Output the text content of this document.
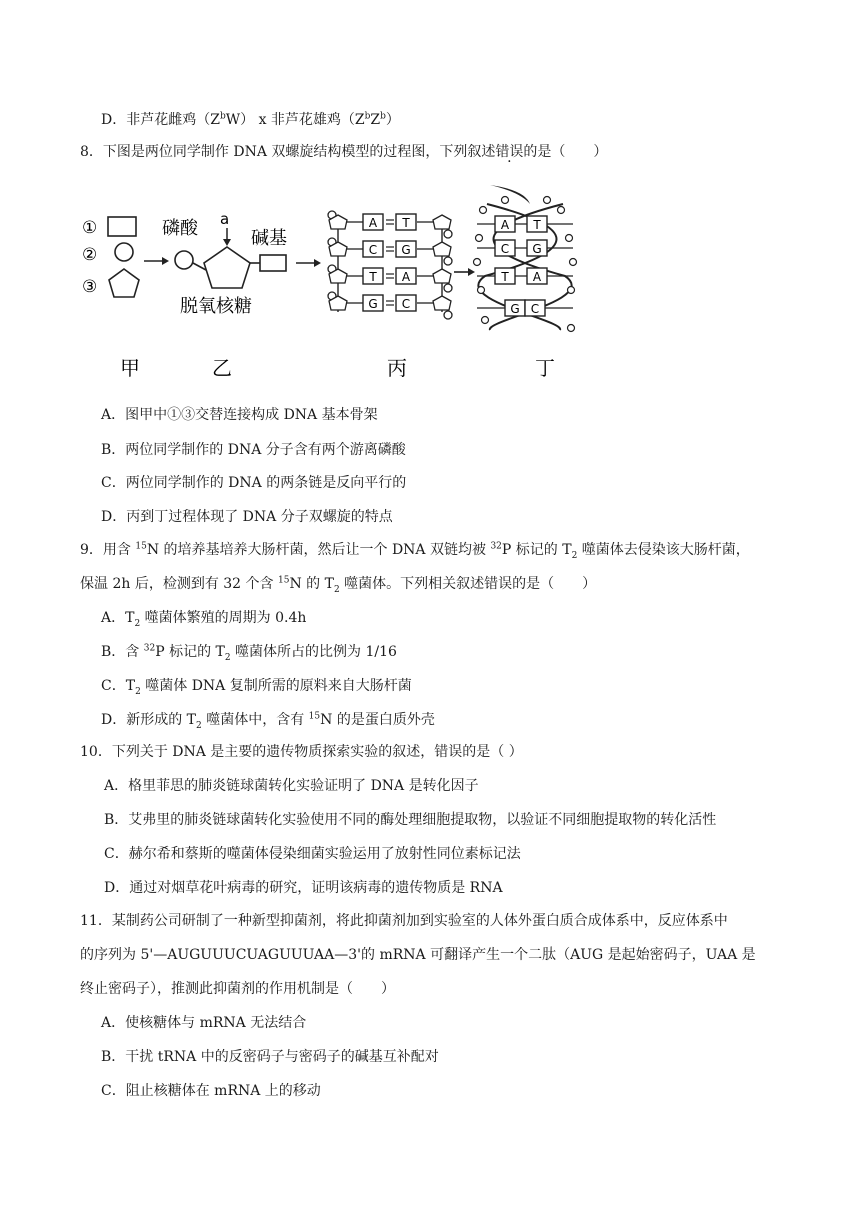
D．非芦花雌鸡$(Z^bW)$ x 非芦花雄鸡$(Z^bZ^b)$
8．下图是两位同学制作 DNA 双螺旋结构模型的过程图，下列叙述错误的是（　　）
①
②
③
磷酸 a
碱基
脱氧核糖
A T
C G
T A
G C
A T
C G
T A
G C
甲	乙	丙	丁
A．图甲中①③交替连接构成 DNA 基本骨架
B．两位同学制作的 DNA 分子含有两个游离磷酸
C．两位同学制作的 DNA 的两条链是反向平行的
D．丙到丁过程体现了 DNA 分子双螺旋的特点
9．用含 $^{15}$N 的培养基培养大肠杆菌，然后让一个 DNA 双链均被 $^{32}$P 标记的 $T_2$ 噬菌体去侵染该大肠杆菌，
保温 2h 后，检测到有 32 个含 $^{15}$N 的 $T_2$ 噬菌体。下列相关叙述错误的是（　　）
A．$T_2$ 噬菌体繁殖的周期为 0.4h
B．含 $^{32}$P 标记的 $T_2$ 噬菌体所占的比例为 1/16
C．$T_2$ 噬菌体 DNA 复制所需的原料来自大肠杆菌
D．新形成的 $T_2$ 噬菌体中，含有 $^{15}$N 的是蛋白质外壳
10．下列关于 DNA 是主要的遗传物质探索实验的叙述，错误的是（ ）
A．格里菲思的肺炎链球菌转化实验证明了 DNA 是转化因子
B．艾弗里的肺炎链球菌转化实验使用不同的酶处理细胞提取物，以验证不同细胞提取物的转化活性
C．赫尔希和蔡斯的噬菌体侵染细菌实验运用了放射性同位素标记法
D．通过对烟草花叶病毒的研究，证明该病毒的遗传物质是 RNA
11．某制药公司研制了一种新型抑菌剂，将此抑菌剂加到实验室的人体外蛋白质合成体系中，反应体系中
的序列为 5'—AUGUUUCUAGUUUAA—3'的 mRNA 可翻译产生一个二肽（AUG 是起始密码子，UAA 是
终止密码子），推测此抑菌剂的作用机制是（　　）
A．使核糖体与 mRNA 无法结合
B．干扰 tRNA 中的反密码子与密码子的碱基互补配对
C．阻止核糖体在 mRNA 上的移动
